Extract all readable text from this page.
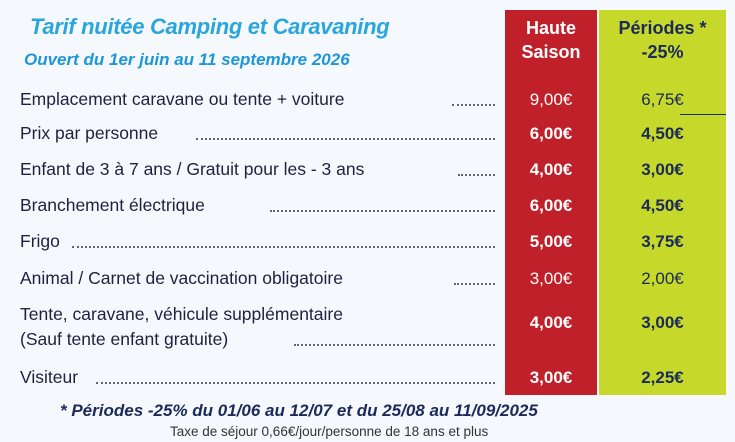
Tarif nuitée Camping et Caravaning
Ouvert du 1er juin au 11 septembre 2026
Haute
Saison
Périodes *
-25%
Emplacement caravane ou tente + voiture	9,00€	6,75€
Prix par personne	6,00€	4,50€
Enfant de 3 à 7 ans / Gratuit pour les - 3 ans	4,00€	3,00€
Branchement électrique	6,00€	4,50€
Frigo	5,00€	3,75€
Animal / Carnet de vaccination obligatoire	3,00€	2,00€
Tente, caravane, véhicule supplémentaire
(Sauf tente enfant gratuite)
4,00€	3,00€
Visiteur	3,00€	2,25€
* Périodes -25% du 01/06 au 12/07 et du 25/08 au 11/09/2025
Taxe de séjour 0,66€/jour/personne de 18 ans et plus
